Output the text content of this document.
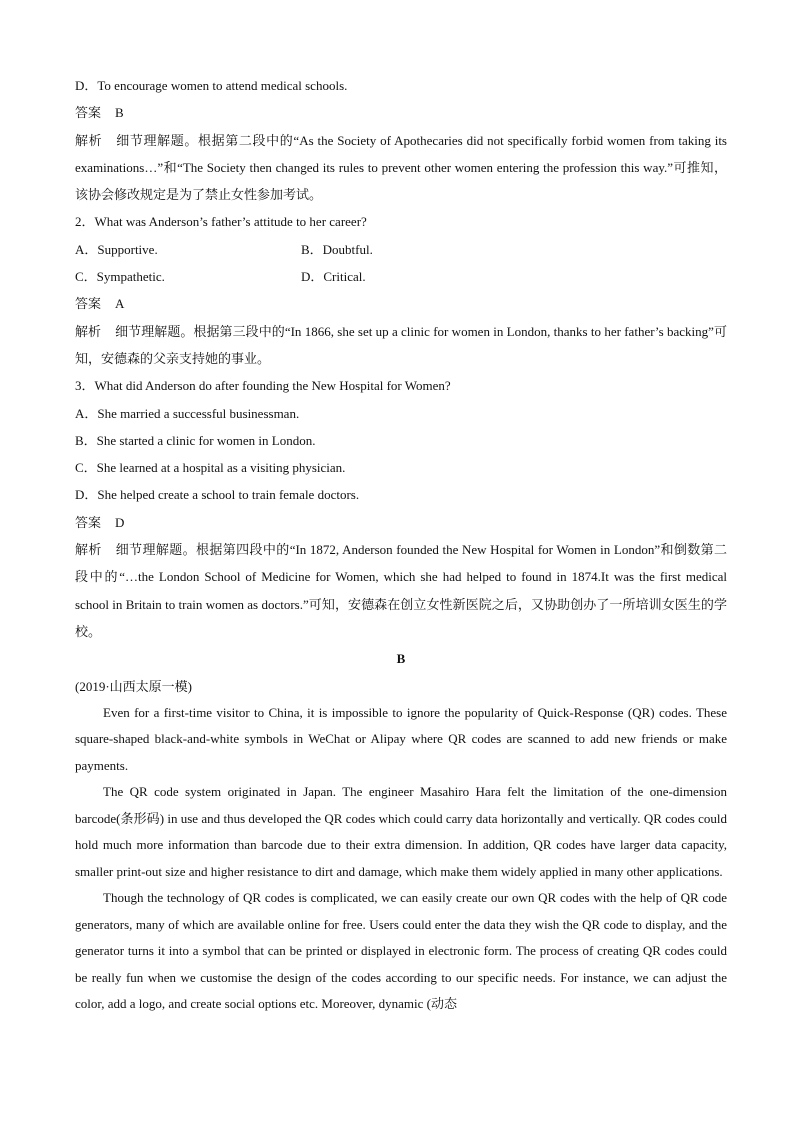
D．To encourage women to attend medical schools.

答案 B

解析 细节理解题。根据第二段中的“As the Society of Apothecaries did not specifically forbid women from taking its examinations…”和“The Society then changed its rules to prevent other women entering the profession this way.”可推知，该协会修改规定是为了禁止女性参加考试。

2．What was Anderson’s father’s attitude to her career?

A．Supportive.	B．Doubtful.
C．Sympathetic.	D．Critical.

答案 A

解析 细节理解题。根据第三段中的“In 1866, she set up a clinic for women in London, thanks to her father’s backing”可知，安德森的父亲支持她的事业。

3．What did Anderson do after founding the New Hospital for Women?

A．She married a successful businessman.

B．She started a clinic for women in London.

C．She learned at a hospital as a visiting physician.

D．She helped create a school to train female doctors.

答案 D

解析 细节理解题。根据第四段中的“In 1872, Anderson founded the New Hospital for Women in London”和倒数第二段中的“…the London School of Medicine for Women, which she had helped to found in 1874.It was the first medical school in Britain to train women as doctors.”可知，安德森在创立女性新医院之后，又协助创办了一所培训女医生的学校。

B

(2019·山西太原一模)

Even for a first-time visitor to China, it is impossible to ignore the popularity of Quick-Response (QR) codes. These square-shaped black-and-white symbols in WeChat or Alipay where QR codes are scanned to add new friends or make payments.

The QR code system originated in Japan. The engineer Masahiro Hara felt the limitation of the one-dimension barcode(条形码) in use and thus developed the QR codes which could carry data horizontally and vertically. QR codes could hold much more information than barcode due to their extra dimension. In addition, QR codes have larger data capacity, smaller print-out size and higher resistance to dirt and damage, which make them widely applied in many other applications.

Though the technology of QR codes is complicated, we can easily create our own QR codes with the help of QR code generators, many of which are available online for free. Users could enter the data they wish the QR code to display, and the generator turns it into a symbol that can be printed or displayed in electronic form. The process of creating QR codes could be really fun when we customise the design of the codes according to our specific needs. For instance, we can adjust the color, add a logo, and create social options etc. Moreover, dynamic (动态
